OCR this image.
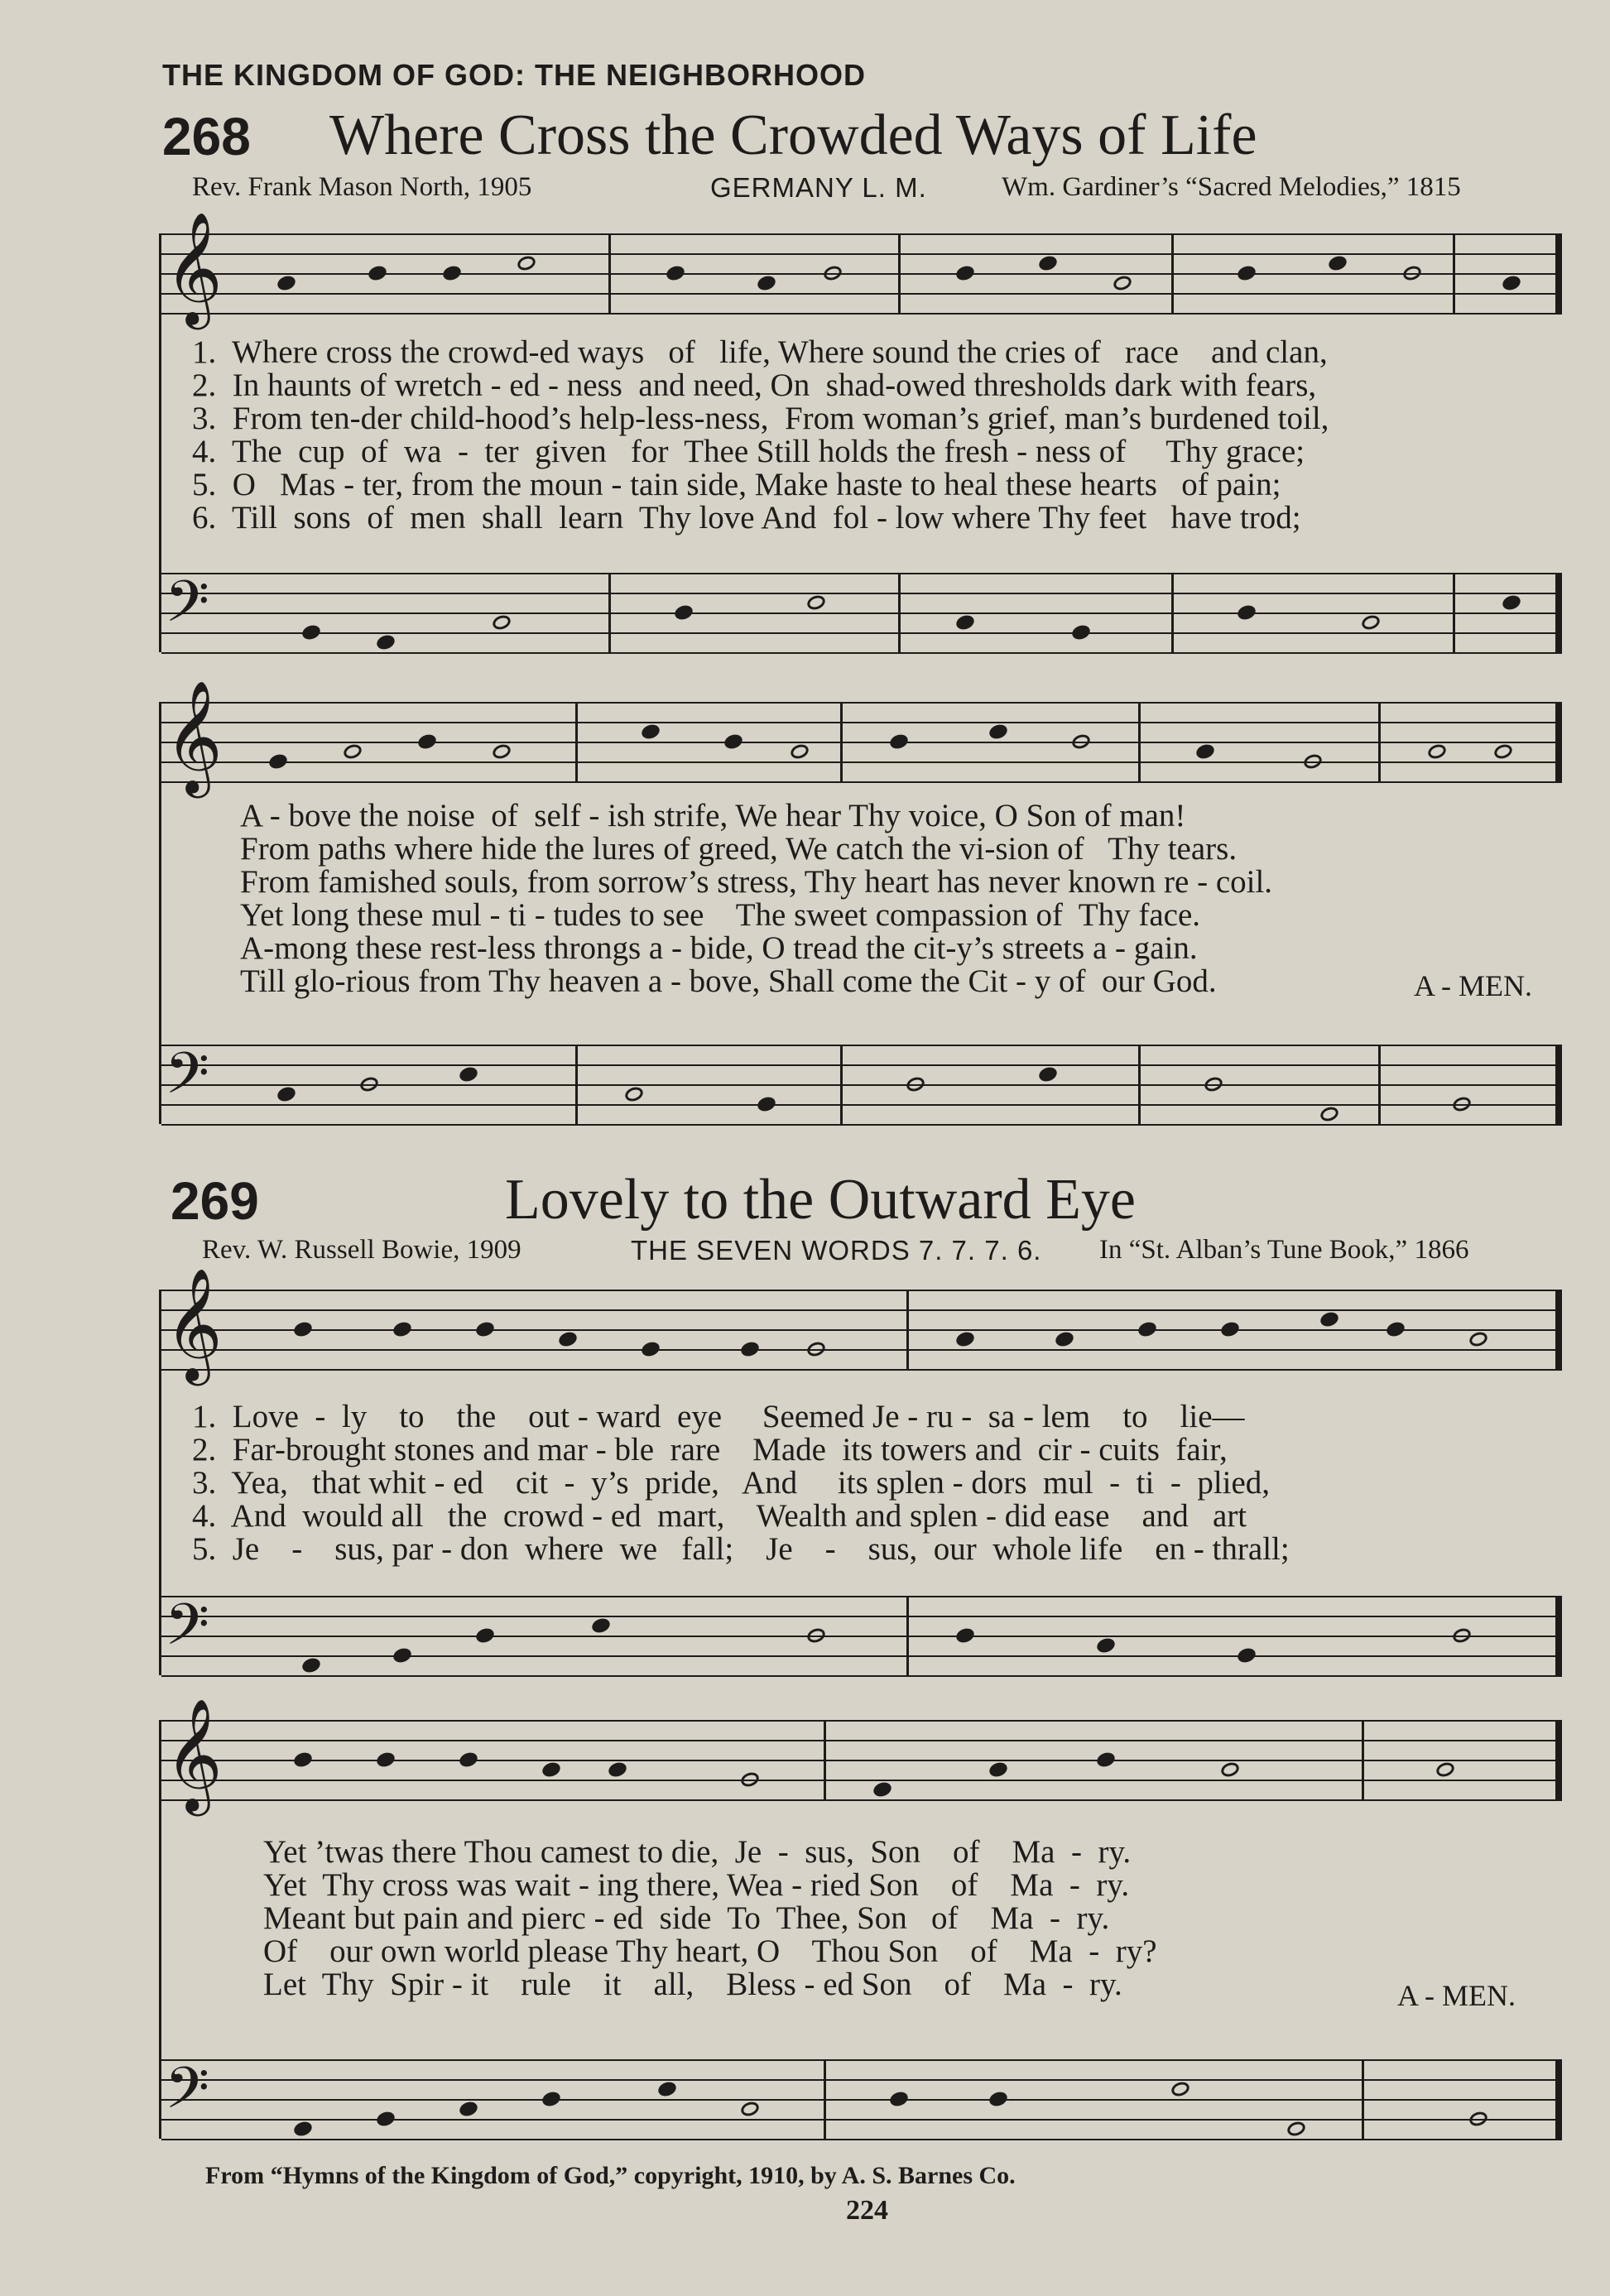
THE KINGDOM OF GOD: THE NEIGHBORHOOD
268 Where Cross the Crowded Ways of Life
Rev. Frank Mason North, 1905	GERMANY L. M.	Wm. Gardiner’s “Sacred Melodies,” 1815
𝄞
1.  Where cross the crowd-ed ways   of   life, Where sound the cries of   race    and clan,
2.  In haunts of wretch - ed - ness  and need, On  shad-owed thresholds dark with fears,
3.  From ten-der child-hood’s help-less-ness,  From woman’s grief, man’s burdened toil,
4.  The  cup  of  wa  -  ter  given   for  Thee Still holds the fresh - ness of     Thy grace;
5.  O   Mas - ter, from the moun - tain side, Make haste to heal these hearts   of pain;
6.  Till  sons  of  men  shall  learn  Thy love And  fol - low where Thy feet   have trod;
𝄢
𝄞
A - bove the noise  of  self - ish strife, We hear Thy voice, O Son of man!
From paths where hide the lures of greed, We catch the vi-sion of   Thy tears.
From famished souls, from sorrow’s stress, Thy heart has never known re - coil.
Yet long these mul - ti - tudes to see    The sweet compassion of  Thy face.
A-mong these rest-less throngs a - bide, O tread the cit-y’s streets a - gain.
Till glo-rious from Thy heaven a - bove, Shall come the Cit - y of  our God.	A - MEN.
𝄢
269	Lovely to the Outward Eye
Rev. W. Russell Bowie, 1909	THE SEVEN WORDS 7. 7. 7. 6. In “St. Alban’s Tune Book,” 1866
𝄞
1.  Love  -  ly    to    the    out - ward  eye     Seemed Je - ru -  sa - lem    to    lie—
2.  Far-brought stones and mar - ble  rare    Made  its towers and  cir - cuits  fair,
3.  Yea,   that whit - ed    cit  -  y’s  pride,   And     its splen - dors  mul  -  ti  -  plied,
4.  And  would all   the  crowd - ed  mart,    Wealth and splen - did ease    and   art
5.  Je    -    sus, par - don  where  we   fall;    Je    -    sus,  our  whole life    en - thrall;
𝄢
𝄞
Yet ’twas there Thou camest to die,  Je  -  sus,  Son    of    Ma  -  ry.
Yet  Thy cross was wait - ing there, Wea - ried Son    of    Ma  -  ry.
Meant but pain and pierc - ed  side  To  Thee, Son   of    Ma  -  ry.
Of    our own world please Thy heart, O    Thou Son    of    Ma  -  ry?
Let  Thy  Spir - it    rule    it    all,    Bless - ed Son    of    Ma  -  ry.	A - MEN.
𝄢
From “Hymns of the Kingdom of God,” copyright, 1910, by A. S. Barnes Co.
224
